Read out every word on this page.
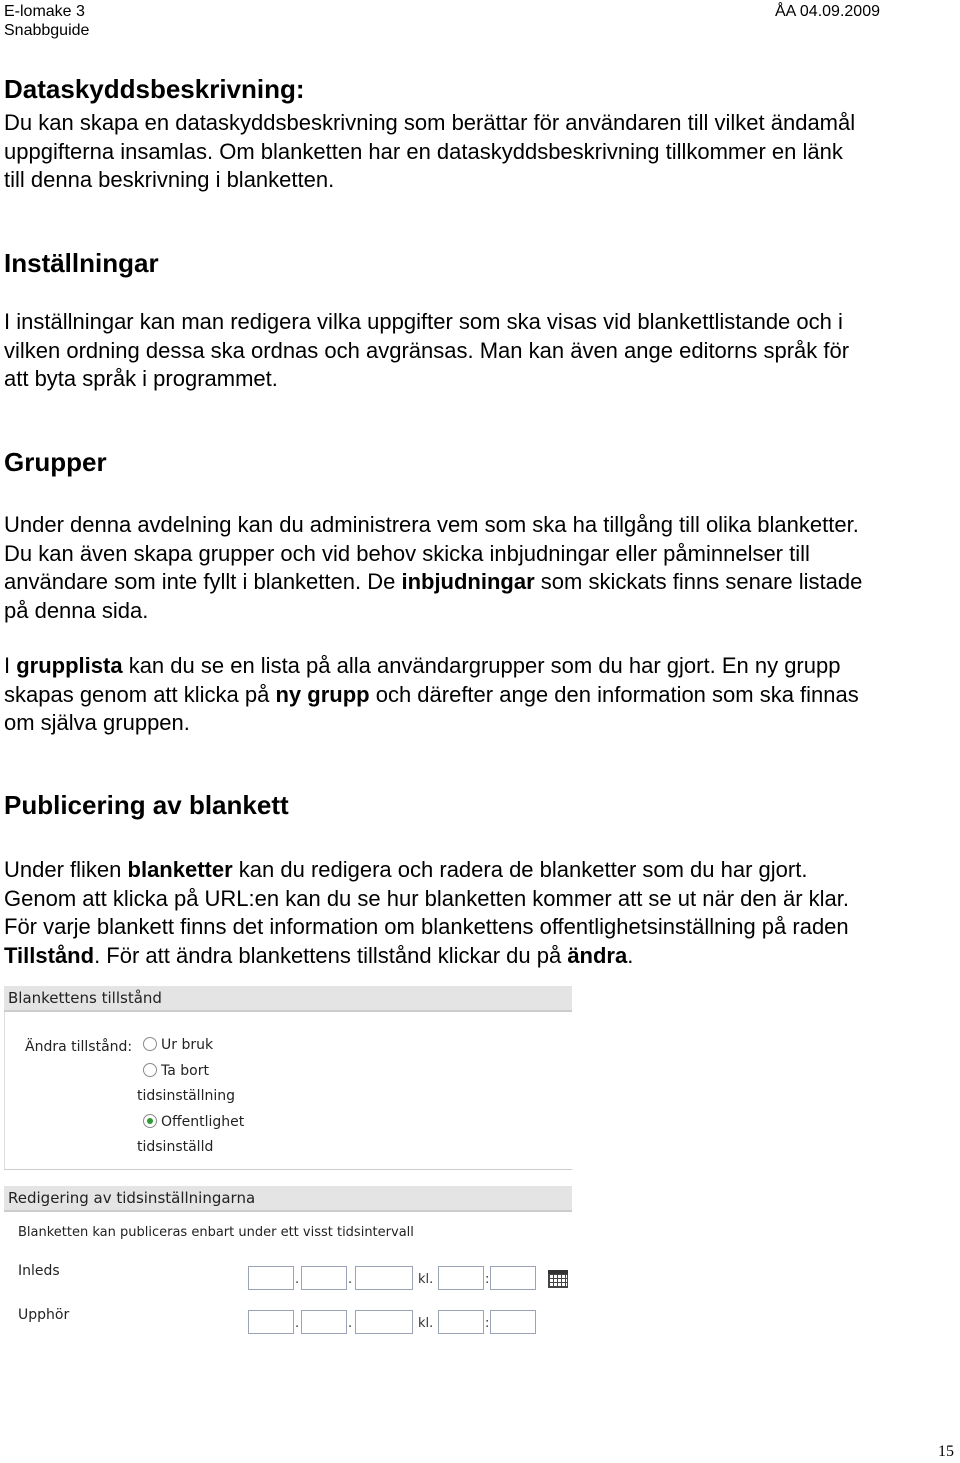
E-lomake 3
Snabbguide
ÅA 04.09.2009
Dataskyddsbeskrivning:
Du kan skapa en dataskyddsbeskrivning som berättar för användaren till vilket ändamål
uppgifterna insamlas. Om blanketten har en dataskyddsbeskrivning tillkommer en länk
till denna beskrivning i blanketten.
Inställningar
I inställningar kan man redigera vilka uppgifter som ska visas vid blankettlistande och i
vilken ordning dessa ska ordnas och avgränsas. Man kan även ange editorns språk för
att byta språk i programmet.
Grupper
Under denna avdelning kan du administrera vem som ska ha tillgång till olika blanketter.
Du kan även skapa grupper och vid behov skicka inbjudningar eller påminnelser till
användare som inte fyllt i blanketten. De inbjudningar som skickats finns senare listade
på denna sida.
I grupplista kan du se en lista på alla användargrupper som du har gjort. En ny grupp
skapas genom att klicka på ny grupp och därefter ange den information som ska finnas
om själva gruppen.
Publicering av blankett
Under fliken blanketter kan du redigera och radera de blanketter som du har gjort.
Genom att klicka på URL:en kan du se hur blanketten kommer att se ut när den är klar.
För varje blankett finns det information om blankettens offentlighetsinställning på raden
Tillstånd. För att ändra blankettens tillstånd klickar du på ändra.
Blankettens tillstånd
Ändra tillstånd:	Ur bruk
Ta bort
tidsinställning
Offentlighet
tidsinställd
Redigering av tidsinställningarna
Blanketten kan publiceras enbart under ett visst tidsintervall
Inleds
.	.	kl.	:
Upphör
.	.	kl.	:
15
